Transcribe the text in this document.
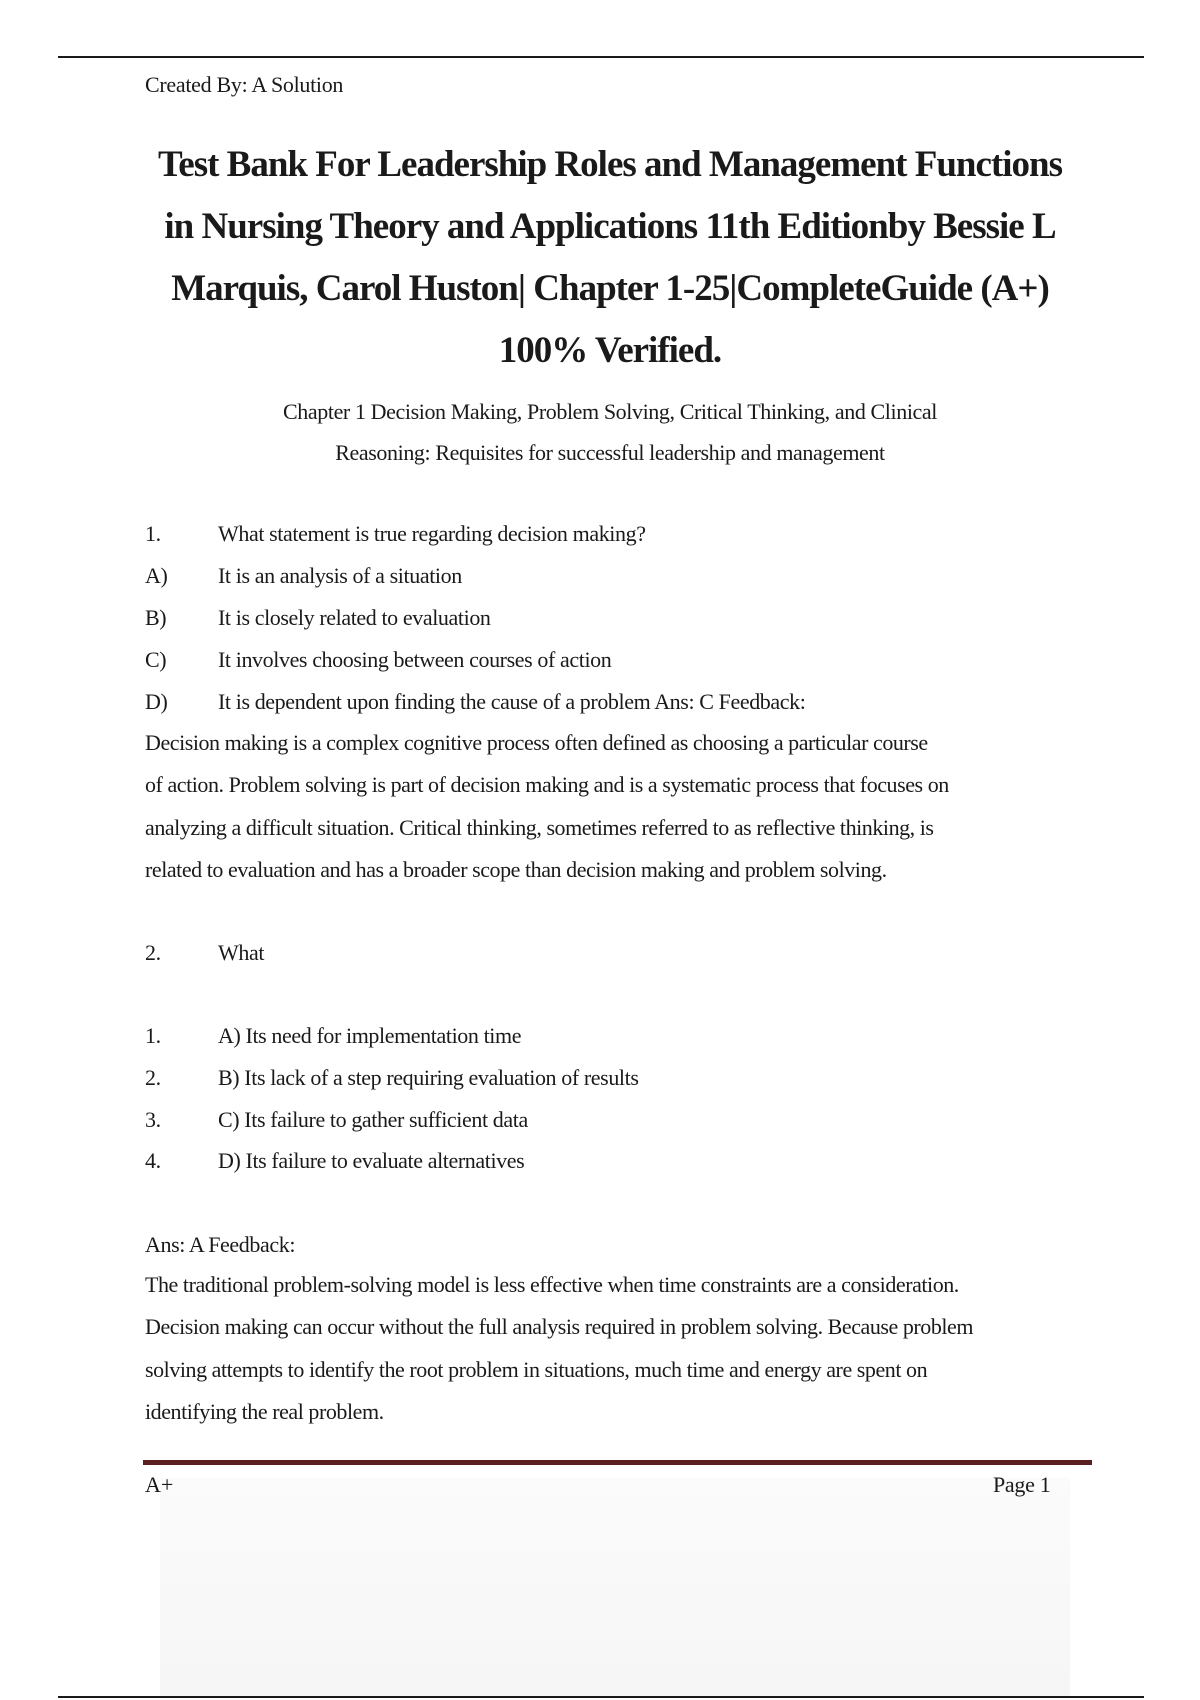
Created By: A Solution
Test Bank For Leadership Roles and Management Functions
in Nursing Theory and Applications 11th Editionby Bessie L
Marquis, Carol Huston| Chapter 1-25|CompleteGuide (A+)
100% Verified.
Chapter 1 Decision Making, Problem Solving, Critical Thinking, and Clinical
Reasoning: Requisites for successful leadership and management
1.	What statement is true regarding decision making?
A) It is an analysis of a situation
B) It is closely related to evaluation
C) It involves choosing between courses of action
D) It is dependent upon finding the cause of a problem Ans: C Feedback:
Decision making is a complex cognitive process often defined as choosing a particular course
of action. Problem solving is part of decision making and is a systematic process that focuses on
analyzing a difficult situation. Critical thinking, sometimes referred to as reflective thinking, is
related to evaluation and has a broader scope than decision making and problem solving.
2.	What
1.	A) Its need for implementation time
2.	B) Its lack of a step requiring evaluation of results
3.	C) Its failure to gather sufficient data
4.	D) Its failure to evaluate alternatives
Ans: A Feedback:
The traditional problem-solving model is less effective when time constraints are a consideration.
Decision making can occur without the full analysis required in problem solving. Because problem
solving attempts to identify the root problem in situations, much time and energy are spent on
identifying the real problem.
A+	Page 1
